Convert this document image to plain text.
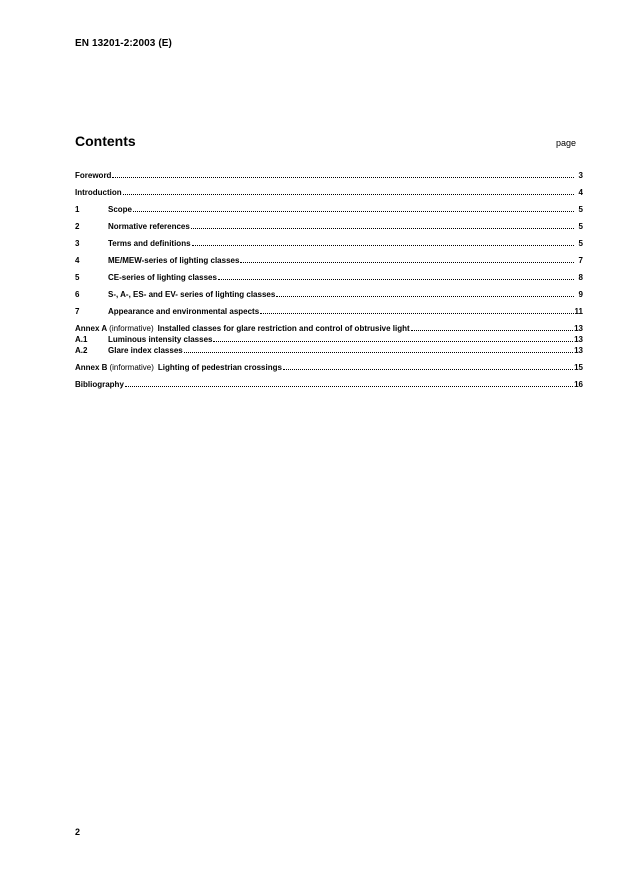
EN 13201-2:2003 (E)
Contents	page
Foreword	3
Introduction	4
1	Scope	5
2	Normative references	5
3	Terms and definitions	5
4	ME/MEW-series of lighting classes	7
5	CE-series of lighting classes	8
6	S-, A-, ES- and EV- series of lighting classes	9
7	Appearance and environmental aspects	11
Annex A (informative) Installed classes for glare restriction and control of obtrusive light	13
A.1	Luminous intensity classes	13
A.2	Glare index classes	13
Annex B (informative) Lighting of pedestrian crossings	15
Bibliography	16
2
